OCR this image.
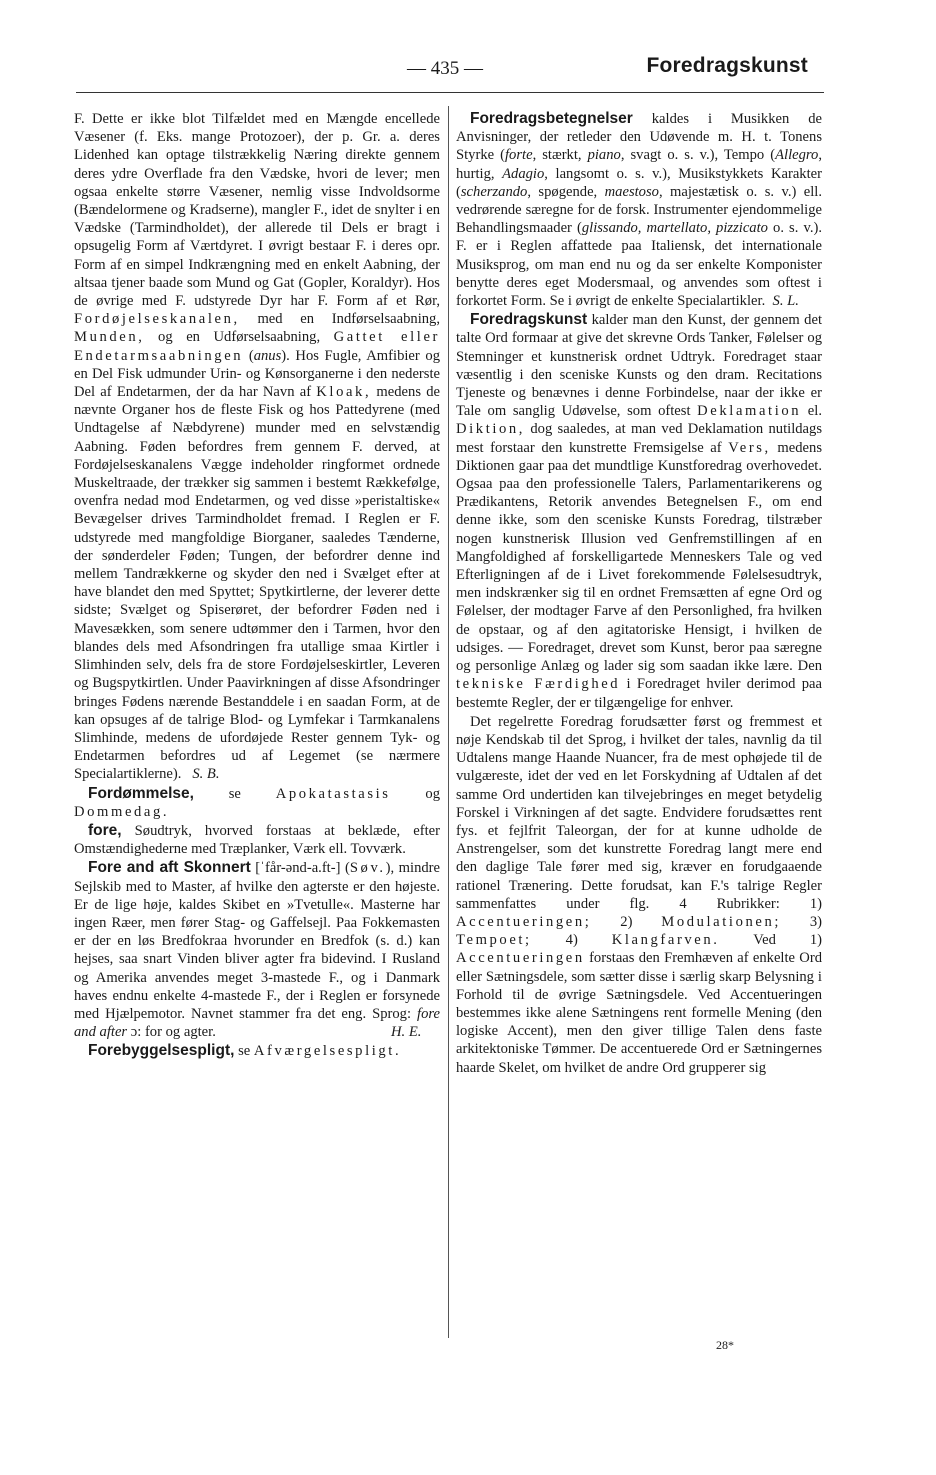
— 435 —	Foredragskunst

F. Dette er ikke blot Tilfældet med en Mængde encellede Væsener (f. Eks. mange Protozoer), der p. Gr. a. deres Lidenhed kan optage tilstrækkelig Næring direkte gennem deres ydre Overflade fra den Vædske, hvori de lever; men ogsaa enkelte større Væsener, nemlig visse Indvoldsorme (Bændelormene og Kradserne), mangler F., idet de snylter i en Vædske (Tarmindholdet), der allerede til Dels er bragt i opsugelig Form af Værtdyret. I øvrigt bestaar F. i deres opr. Form af en simpel Indkrængning med en enkelt Aabning, der altsaa tjener baade som Mund og Gat (Gopler, Koraldyr). Hos de øvrige med F. udstyrede Dyr har F. Form af et Rør, Fordøjelseskanalen, med en Indførselsaabning, Munden, og en Udførselsaabning, Gattet eller Endetarmsaabningen (anus). Hos Fugle, Amfibier og en Del Fisk udmunder Urin- og Kønsorganerne i den nederste Del af Endetarmen, der da har Navn af Kloak, medens de nævnte Organer hos de fleste Fisk og hos Pattedyrene (med Undtagelse af Næbdyrene) munder med en selvstændig Aabning. Føden befordres frem gennem F. derved, at Fordøjelseskanalens Vægge indeholder ringformet ordnede Muskeltraade, der trækker sig sammen i bestemt Rækkefølge, ovenfra nedad mod Endetarmen, og ved disse »peristaltiske« Bevægelser drives Tarmindholdet fremad. I Reglen er F. udstyrede med mangfoldige Biorganer, saaledes Tænderne, der sønderdeler Føden; Tungen, der befordrer denne ind mellem Tandrækkerne og skyder den ned i Svælget efter at have blandet den med Spyttet; Spytkirtlerne, der leverer dette sidste; Svælget og Spiserøret, der befordrer Føden ned i Mavesækken, som senere udtømmer den i Tarmen, hvor den blandes dels med Afsondringen fra utallige smaa Kirtler i Slimhinden selv, dels fra de store Fordøjelseskirtler, Leveren og Bugspytkirtlen. Under Paavirkningen af disse Afsondringer bringes Fødens nærende Bestanddele i en saadan Form, at de kan opsuges af de talrige Blod- og Lymfekar i Tarmkanalens Slimhinde, medens de ufordøjede Rester gennem Tyk- og Endetarmen befordres ud af Legemet (se nærmere Specialartiklerne). S. B.

Fordømmelse, se Apokatastasis og Dommedag.

fore, Søudtryk, hvorved forstaas at beklæde, efter Omstændighederne med Træplanker, Værk ell. Tovværk.

Fore and aft Skonnert [ˈfår-ənd-a.ft-] (Søv.), mindre Sejlskib med to Master, af hvilke den agterste er den højeste. Er de lige høje, kaldes Skibet en »Tvetulle«. Masterne har ingen Ræer, men fører Stag- og Gaffelsejl. Paa Fokkemasten er der en løs Bredfokraa hvorunder en Bredfok (s. d.) kan hejses, saa snart Vinden bliver agter fra bidevind. I Rusland og Amerika anvendes meget 3-mastede F., og i Danmark haves endnu enkelte 4-mastede F., der i Reglen er forsynede med Hjælpemotor. Navnet stammer fra det eng. Sprog: fore and after ɔ: for og agter.	H. E.

Forebyggelsespligt, se Afværgelsespligt.

Foredragsbetegnelser kaldes i Musikken de Anvisninger, der retleder den Udøvende m. H. t. Tonens Styrke (forte, stærkt, piano, svagt o. s. v.), Tempo (Allegro, hurtig, Adagio, langsomt o. s. v.), Musikstykkets Karakter (scherzando, spøgende, maestoso, majestætisk o. s. v.) ell. vedrørende særegne for de forsk. Instrumenter ejendommelige Behandlingsmaader (glissando, martellato, pizzicato o. s. v.). F. er i Reglen affattede paa Italiensk, det internationale Musiksprog, om man end nu og da ser enkelte Komponister benytte deres eget Modersmaal, og anvendes som oftest i forkortet Form. Se i øvrigt de enkelte Specialartikler. S. L.

Foredragskunst kalder man den Kunst, der gennem det talte Ord formaar at give det skrevne Ords Tanker, Følelser og Stemninger et kunstnerisk ordnet Udtryk. Foredraget staar væsentlig i den sceniske Kunsts og den dram. Recitations Tjeneste og benævnes i denne Forbindelse, naar der ikke er Tale om sanglig Udøvelse, som oftest Deklamation el. Diktion, dog saaledes, at man ved Deklamation nutildags mest forstaar den kunstrette Fremsigelse af Vers, medens Diktionen gaar paa det mundtlige Kunstforedrag overhovedet. Ogsaa paa den professionelle Talers, Parlamentarikerens og Prædikantens, Retorik anvendes Betegnelsen F., om end denne ikke, som den sceniske Kunsts Foredrag, tilstræber nogen kunstnerisk Illusion ved Genfremstillingen af en Mangfoldighed af forskelligartede Menneskers Tale og ved Efterligningen af de i Livet forekommende Følelsesudtryk, men indskrænker sig til en ordnet Fremsætten af egne Ord og Følelser, der modtager Farve af den Personlighed, fra hvilken de opstaar, og af den agitatoriske Hensigt, i hvilken de udsiges. — Foredraget, drevet som Kunst, beror paa særegne og personlige Anlæg og lader sig som saadan ikke lære. Den tekniske Færdighed i Foredraget hviler derimod paa bestemte Regler, der er tilgængelige for enhver.

Det regelrette Foredrag forudsætter først og fremmest et nøje Kendskab til det Sprog, i hvilket der tales, navnlig da til Udtalens mange Haande Nuancer, fra de mest ophøjede til de vulgæreste, idet der ved en let Forskydning af Udtalen af det samme Ord undertiden kan tilvejebringes en meget betydelig Forskel i Virkningen af det sagte. Endvidere forudsættes rent fys. et fejlfrit Taleorgan, der for at kunne udholde de Anstrengelser, som det kunstrette Foredrag langt mere end den daglige Tale fører med sig, kræver en forudgaaende rationel Trænering. Dette forudsat, kan F.'s talrige Regler sammenfattes under flg. 4 Rubrikker: 1) Accentueringen; 2) Modulationen; 3) Tempoet; 4) Klangfarven. Ved 1) Accentueringen forstaas den Fremhæven af enkelte Ord eller Sætningsdele, som sætter disse i særlig skarp Belysning i Forhold til de øvrige Sætningsdele. Ved Accentueringen bestemmes ikke alene Sætningens rent formelle Mening (den logiske Accent), men den giver tillige Talen dens faste arkitektoniske Tømmer. De accentuerede Ord er Sætningernes haarde Skelet, om hvilket de andre Ord grupperer sig

28*
